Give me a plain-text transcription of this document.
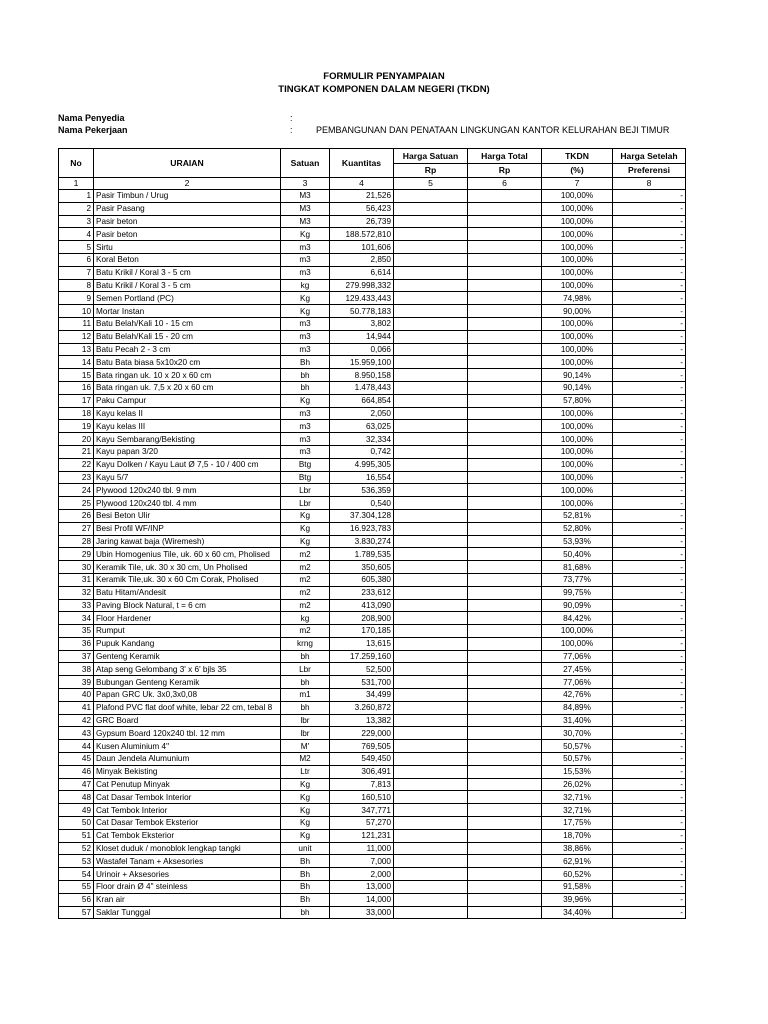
FORMULIR PENYAMPAIAN
TINGKAT KOMPONEN DALAM NEGERI (TKDN)
Nama Penyedia	:
Nama Pekerjaan	:	PEMBANGUNAN DAN PENATAAN LINGKUNGAN KANTOR KELURAHAN BEJI TIMUR
No	URAIAN	Satuan	Kuantitas	Harga Satuan	Harga Total	TKDN	Harga Setelah
				Rp	Rp	(%)	Preferensi
1	2	3	4	5	6	7	8
1	Pasir Timbun / Urug	M3	21,526			100,00%	-
2	Pasir Pasang	M3	56,423			100,00%	-
3	Pasir beton	M3	26,739			100,00%	-
4	Pasir beton	Kg	188.572,810			100,00%	-
5	Sirtu	m3	101,606			100,00%	-
6	Koral Beton	m3	2,850			100,00%	-
7	Batu Krikil / Koral 3 - 5 cm	m3	6,614			100,00%	-
8	Batu Krikil / Koral 3 - 5 cm	kg	279.998,332			100,00%	-
9	Semen Portland (PC)	Kg	129.433,443			74,98%	-
10	Mortar Instan	Kg	50.778,183			90,00%	-
11	Batu Belah/Kali 10 - 15 cm	m3	3,802			100,00%	-
12	Batu Belah/Kali 15 - 20 cm	m3	14,944			100,00%	-
13	Batu Pecah 2 - 3 cm	m3	0,066			100,00%	-
14	Batu Bata biasa 5x10x20 cm	Bh	15.959,100			100,00%	-
15	Bata ringan uk. 10 x 20 x 60 cm	bh	8.950,158			90,14%	-
16	Bata ringan uk. 7,5 x 20 x 60 cm	bh	1.478,443			90,14%	-
17	Paku Campur	Kg	664,854			57,80%	-
18	Kayu kelas II	m3	2,050			100,00%	-
19	Kayu kelas III	m3	63,025			100,00%	-
20	Kayu Sembarang/Bekisting	m3	32,334			100,00%	-
21	Kayu papan 3/20	m3	0,742			100,00%	-
22	Kayu Dolken / Kayu Laut Ø 7,5 - 10 / 400 cm	Btg	4.995,305			100,00%	-
23	Kayu 5/7	Btg	16,554			100,00%	-
24	Plywood 120x240 tbl. 9 mm	Lbr	536,359			100,00%	-
25	Plywood 120x240 tbl. 4 mm	Lbr	0,540			100,00%	-
26	Besi Beton Ulir	Kg	37.304,128			52,81%	-
27	Besi Profil WF/INP	Kg	16.923,783			52,80%	-
28	Jaring kawat baja (Wiremesh)	Kg	3.830,274			53,93%	-
29	Ubin Homogenius Tile, uk. 60 x 60 cm, Pholised	m2	1.789,535			50,40%	-
30	Keramik Tile, uk. 30 x 30 cm, Un Pholised	m2	350,605			81,68%	-
31	Keramik Tile,uk. 30 x 60 Cm Corak, Pholised	m2	605,380			73,77%	-
32	Batu Hitam/Andesit	m2	233,612			99,75%	-
33	Paving Block Natural, t = 6 cm	m2	413,090			90,09%	-
34	Floor Hardener	kg	208,900			84,42%	-
35	Rumput	m2	170,185			100,00%	-
36	Pupuk Kandang	krng	13,615			100,00%	-
37	Genteng Keramik	bh	17.259,160			77,06%	-
38	Atap seng Gelombang 3' x 6' bjls 35	Lbr	52,500			27,45%	-
39	Bubungan Genteng Keramik	bh	531,700			77,06%	-
40	Papan GRC Uk. 3x0,3x0,08	m1	34,499			42,76%	-
41	Plafond PVC flat doof white, lebar 22 cm, tebal 8	bh	3.260,872			84,89%	-
42	GRC Board	lbr	13,382			31,40%	-
43	Gypsum Board 120x240 tbl. 12 mm	lbr	229,000			30,70%	-
44	Kusen Aluminium 4"	M'	769,505			50,57%	-
45	Daun Jendela Alumunium	M2	549,450			50,57%	-
46	Minyak Bekisting	Ltr	306,491			15,53%	-
47	Cat Penutup Minyak	Kg	7,813			26,02%	-
48	Cat Dasar Tembok Interior	Kg	160,510			32,71%	-
49	Cat Tembok Interior	Kg	347,771			32,71%	-
50	Cat Dasar Tembok Eksterior	Kg	57,270			17,75%	-
51	Cat Tembok Eksterior	Kg	121,231			18,70%	-
52	Kloset duduk / monoblok lengkap tangki	unit	11,000			38,86%	-
53	Wastafel Tanam + Aksesories	Bh	7,000			62,91%	-
54	Urinoir + Aksesories	Bh	2,000			60,52%	-
55	Floor drain Ø 4" steinless	Bh	13,000			91,58%	-
56	Kran air	Bh	14,000			39,96%	-
57	Saklar Tunggal	bh	33,000			34,40%	-
